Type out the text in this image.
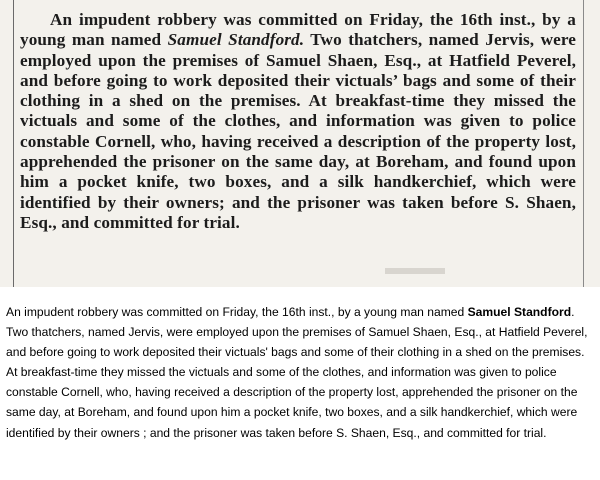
An impudent robbery was committed on Friday, the 16th inst., by a young man named Samuel Standford. Two thatchers, named Jervis, were employed upon the premises of Samuel Shaen, Esq., at Hatfield Peverel, and before going to work deposited their victuals’ bags and some of their clothing in a shed on the premises. At breakfast-time they missed the victuals and some of the clothes, and information was given to police constable Cornell, who, having received a description of the property lost, apprehended the prisoner on the same day, at Boreham, and found upon him a pocket knife, two boxes, and a silk handkerchief, which were identified by their owners; and the prisoner was taken before S. Shaen, Esq., and committed for trial.

An impudent robbery was committed on Friday, the 16th inst., by a young man named Samuel Standford. Two thatchers, named Jervis, were employed upon the premises of Samuel Shaen, Esq., at Hatfield Peverel, and before going to work deposited their victuals' bags and some of their clothing in a shed on the premises. At breakfast-time they missed the victuals and some of the clothes, and information was given to police constable Cornell, who, having received a description of the property lost, apprehended the prisoner on the same day, at Boreham, and found upon him a pocket knife, two boxes, and a silk handkerchief, which were identified by their owners ; and the prisoner was taken before S. Shaen, Esq., and committed for trial.
